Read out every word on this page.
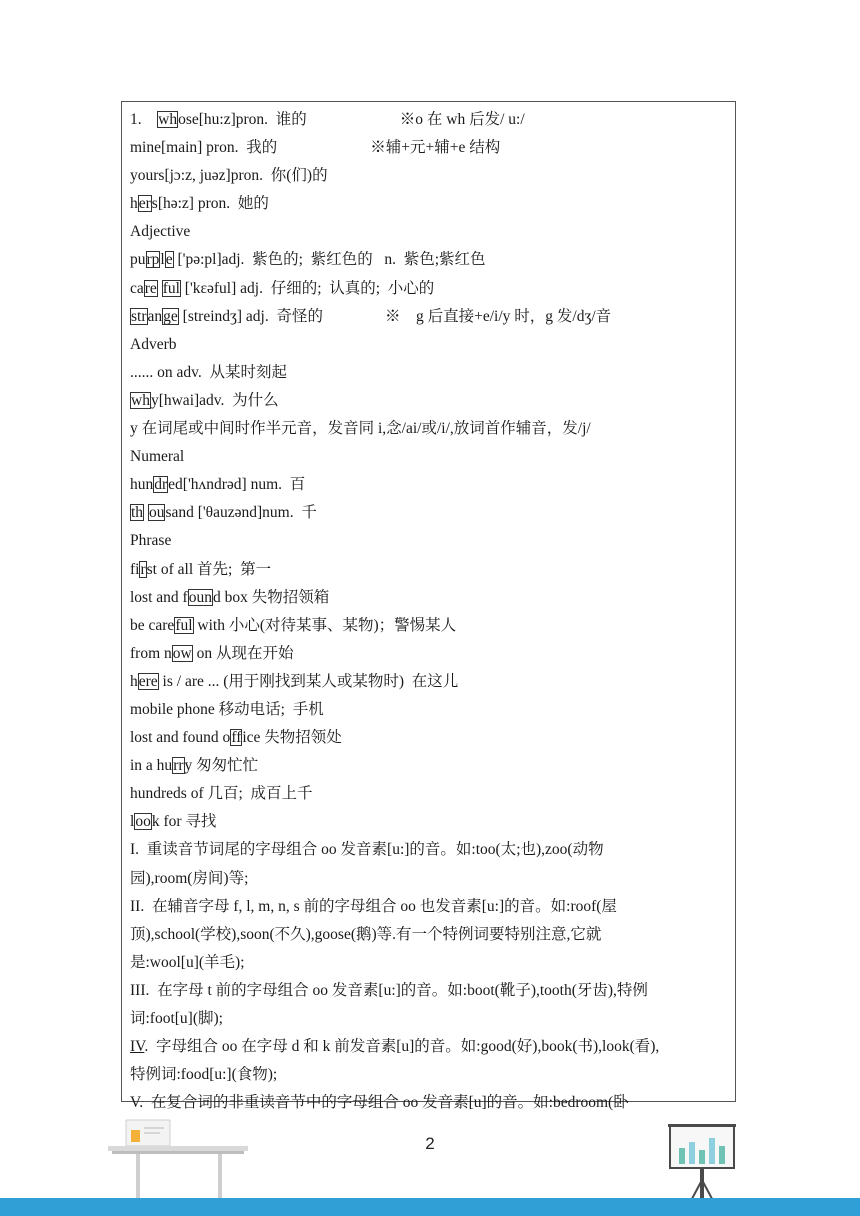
1.    whose[hu:z]pron.  谁的                        ※o 在 wh 后发/ u:/
mine[main] pron.  我的                        ※辅+元+辅+e 结构
yours[jɔ:z, juəz]pron.  你(们)的
hers[hə:z] pron.  她的
Adjective
purple ['pə:pl]adj.  紫色的;  紫红色的   n.  紫色;紫红色
care ful ['kɛəful] adj.  仔细的;  认真的;  小心的
strange [streindʒ] adj.  奇怪的                ※    g 后直接+e/i/y 时，g 发/dʒ/音
Adverb
...... on adv.  从某时刻起
why[hwai]adv.  为什么
y 在词尾或中间时作半元音，发音同 i,念/ai/或/i/,放词首作辅音，发/j/
Numeral
hundred['hʌndrəd] num.  百
th ousand ['θauzənd]num.  千
Phrase
first of all 首先;  第一
lost and found box 失物招领箱
be careful with 小心(对待某事、某物)；警惕某人
from now on 从现在开始
here is / are ... (用于刚找到某人或某物时)  在这儿
mobile phone 移动电话;  手机
lost and found office 失物招领处
in a hurry 匆匆忙忙
hundreds of 几百;  成百上千
look for 寻找
I.  重读音节词尾的字母组合 oo 发音素[u:]的音。如:too(太;也),zoo(动物
园),room(房间)等;
II.  在辅音字母 f, l, m, n, s 前的字母组合 oo 也发音素[u:]的音。如:roof(屋
顶),school(学校),soon(不久),goose(鹅)等.有一个特例词要特别注意,它就
是:wool[u](羊毛);
III.  在字母 t 前的字母组合 oo 发音素[u:]的音。如:boot(靴子),tooth(牙齿),特例
词:foot[u](脚);
IV.  字母组合 oo 在字母 d 和 k 前发音素[u]的音。如:good(好),book(书),look(看),
特例词:food[u:](食物);
V.  在复合词的非重读音节中的字母组合 oo 发音素[u]的音。如:bedroom(卧
2
